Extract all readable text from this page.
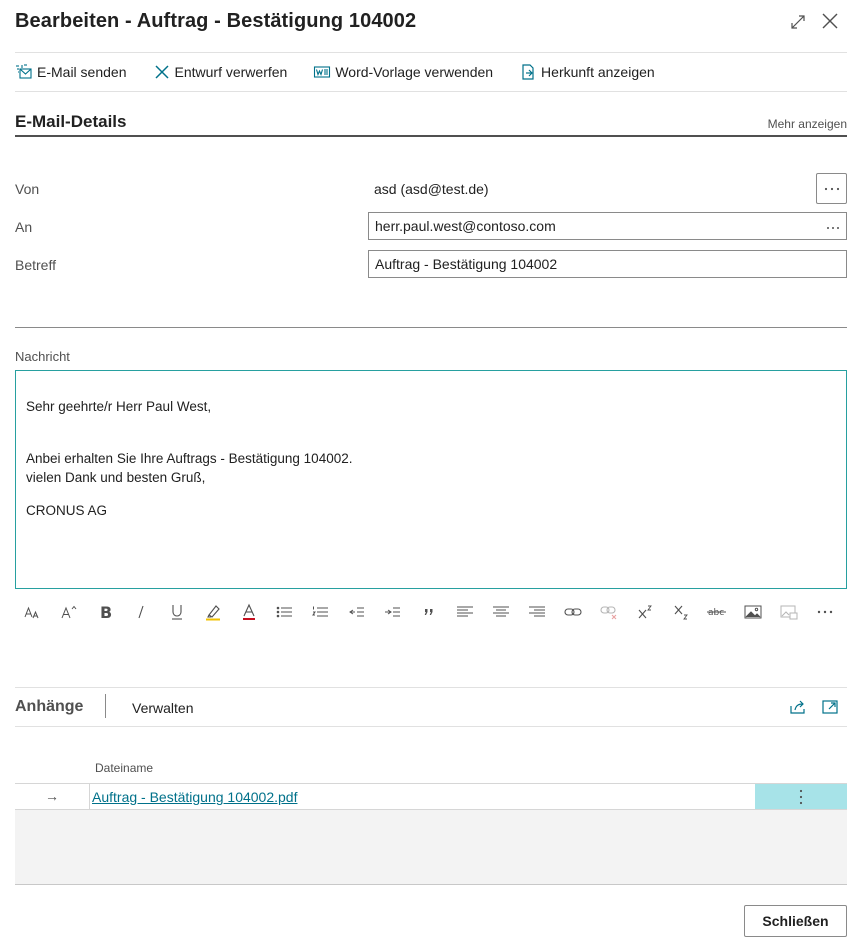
Bearbeiten - Auftrag - Bestätigung 104002
E-Mail senden	Entwurf verwerfen	Word-Vorlage verwenden	Herkunft anzeigen
E-Mail-Details	Mehr anzeigen
Von	asd (asd@test.de)
An	herr.paul.west@contoso.com
Betreff	Auftrag - Bestätigung 104002
Nachricht

Sehr geehrte/r Herr Paul West,

Anbei erhalten Sie Ihre Auftrags - Bestätigung 104002.

vielen Dank und besten Gruß,

CRONUS AG

B	abc
Anhänge	Verwalten
Dateiname
→ Auftrag - Bestätigung 104002.pdf
Schließen
